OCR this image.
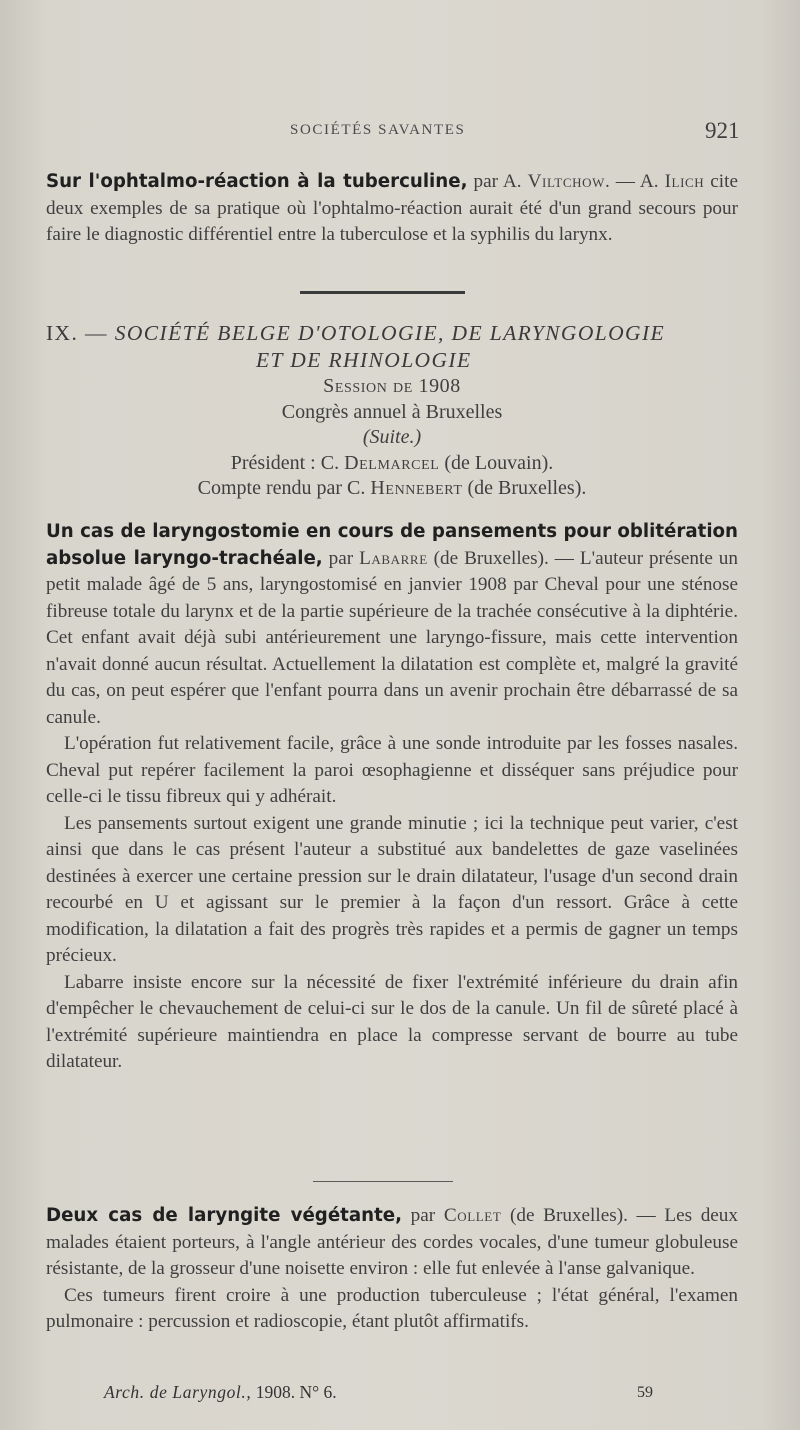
SOCIÉTÉS SAVANTES	921

Sur l'ophtalmo-réaction à la tuberculine, par A. Viltchow. — A. Ilich cite deux exemples de sa pratique où l'ophtalmo-réaction aurait été d'un grand secours pour faire le diagnostic différentiel entre la tuberculose et la syphilis du larynx.

IX. — SOCIÉTÉ BELGE D'OTOLOGIE, DE LARYNGOLOGIE
ET DE RHINOLOGIE
Session de 1908
Congrès annuel à Bruxelles
(Suite.)
Président : C. Delmarcel (de Louvain).
Compte rendu par C. Hennebert (de Bruxelles).

Un cas de laryngostomie en cours de pansements pour oblitération absolue laryngo-trachéale, par Labarre (de Bruxelles). — L'auteur présente un petit malade âgé de 5 ans, laryngostomisé en janvier 1908 par Cheval pour une sténose fibreuse totale du larynx et de la partie supérieure de la trachée consécutive à la diphtérie. Cet enfant avait déjà subi antérieurement une laryngo-fissure, mais cette intervention n'avait donné aucun résultat. Actuellement la dilatation est complète et, malgré la gravité du cas, on peut espérer que l'enfant pourra dans un avenir prochain être débarrassé de sa canule.

L'opération fut relativement facile, grâce à une sonde introduite par les fosses nasales. Cheval put repérer facilement la paroi œsophagienne et disséquer sans préjudice pour celle-ci le tissu fibreux qui y adhérait.

Les pansements surtout exigent une grande minutie ; ici la technique peut varier, c'est ainsi que dans le cas présent l'auteur a substitué aux bandelettes de gaze vaselinées destinées à exercer une certaine pression sur le drain dilatateur, l'usage d'un second drain recourbé en U et agissant sur le premier à la façon d'un ressort. Grâce à cette modification, la dilatation a fait des progrès très rapides et a permis de gagner un temps précieux.

Labarre insiste encore sur la nécessité de fixer l'extrémité inférieure du drain afin d'empêcher le chevauchement de celui-ci sur le dos de la canule. Un fil de sûreté placé à l'extrémité supérieure maintiendra en place la compresse servant de bourre au tube dilatateur.

Deux cas de laryngite végétante, par Collet (de Bruxelles). — Les deux malades étaient porteurs, à l'angle antérieur des cordes vocales, d'une tumeur globuleuse résistante, de la grosseur d'une noisette environ : elle fut enlevée à l'anse galvanique.

Ces tumeurs firent croire à une production tuberculeuse ; l'état général, l'examen pulmonaire : percussion et radioscopie, étant plutôt affirmatifs.

Arch. de Laryngol., 1908. N° 6.	59
